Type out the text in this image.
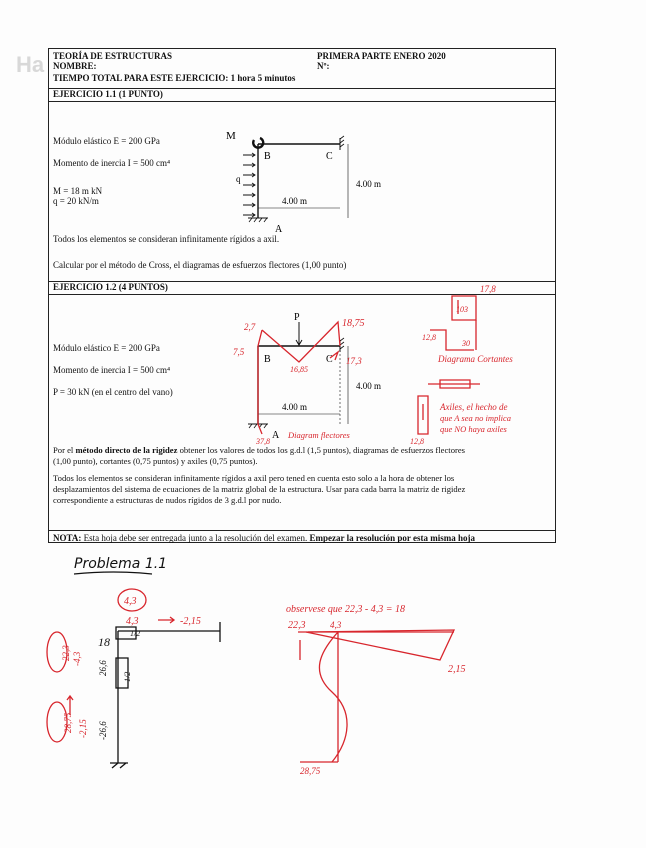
Ha TEORÍA DE ESTRUCTURAS	PRIMERA PARTE ENERO 2020
NOMBRE:	Nº:
TIEMPO TOTAL PARA ESTE EJERCICIO: 1 hora 5 minutos
EJERCICIO 1.1 (1 PUNTO)
Módulo elástico E = 200 GPa
Momento de inercia I = 500 cm⁴
M = 18 m kN
q = 20 kN/m
Todos los elementos se consideran infinitamente rígidos a axil.
Calcular por el método de Cross, el diagramas de esfuerzos flectores (1,00 punto)
EJERCICIO 1.2 (4 PUNTOS)
Módulo elástico E = 200 GPa
Momento de inercia I = 500 cm⁴
P = 30 kN (en el centro del vano)
Por el método directo de la rigidez obtener los valores de todos los g.d.l (1,5 puntos), diagramas de esfuerzos flectores
(1,00 punto), cortantes (0,75 puntos) y axiles (0,75 puntos).
Todos los elementos se consideran infinitamente rígidos a axil pero tened en cuenta esto solo a la hora de obtener los
desplazamientos del sistema de ecuaciones de la matriz global de la estructura. Usar para cada barra la matriz de rigidez
correspondiente a estructuras de nudos rígidos de 3 g.d.l por nudo.
NOTA: Esta hoja debe ser entregada junto a la resolución del examen. Empezar la resolución por esta misma hoja
M
q
B	C
A
4.00 m
4.00 m
P
B	C
A
4.00 m
4.00 m
2,7
7,5
18,75
16,85
17,3
37,8
Diagram flectores
17,8
103
12,8
30
Diagrama Cortantes
12,8
Axiles, el hecho de
que A sea no implica
que NO haya axiles
Problema 1.1
18
1/2
1/2
26,6
-26,6
4,3
4,3	-2,15
22,3 -4,3
28,75 -2,15
observese que 22,3 - 4,3 = 18
4,3
22,3
2,15
28,75
